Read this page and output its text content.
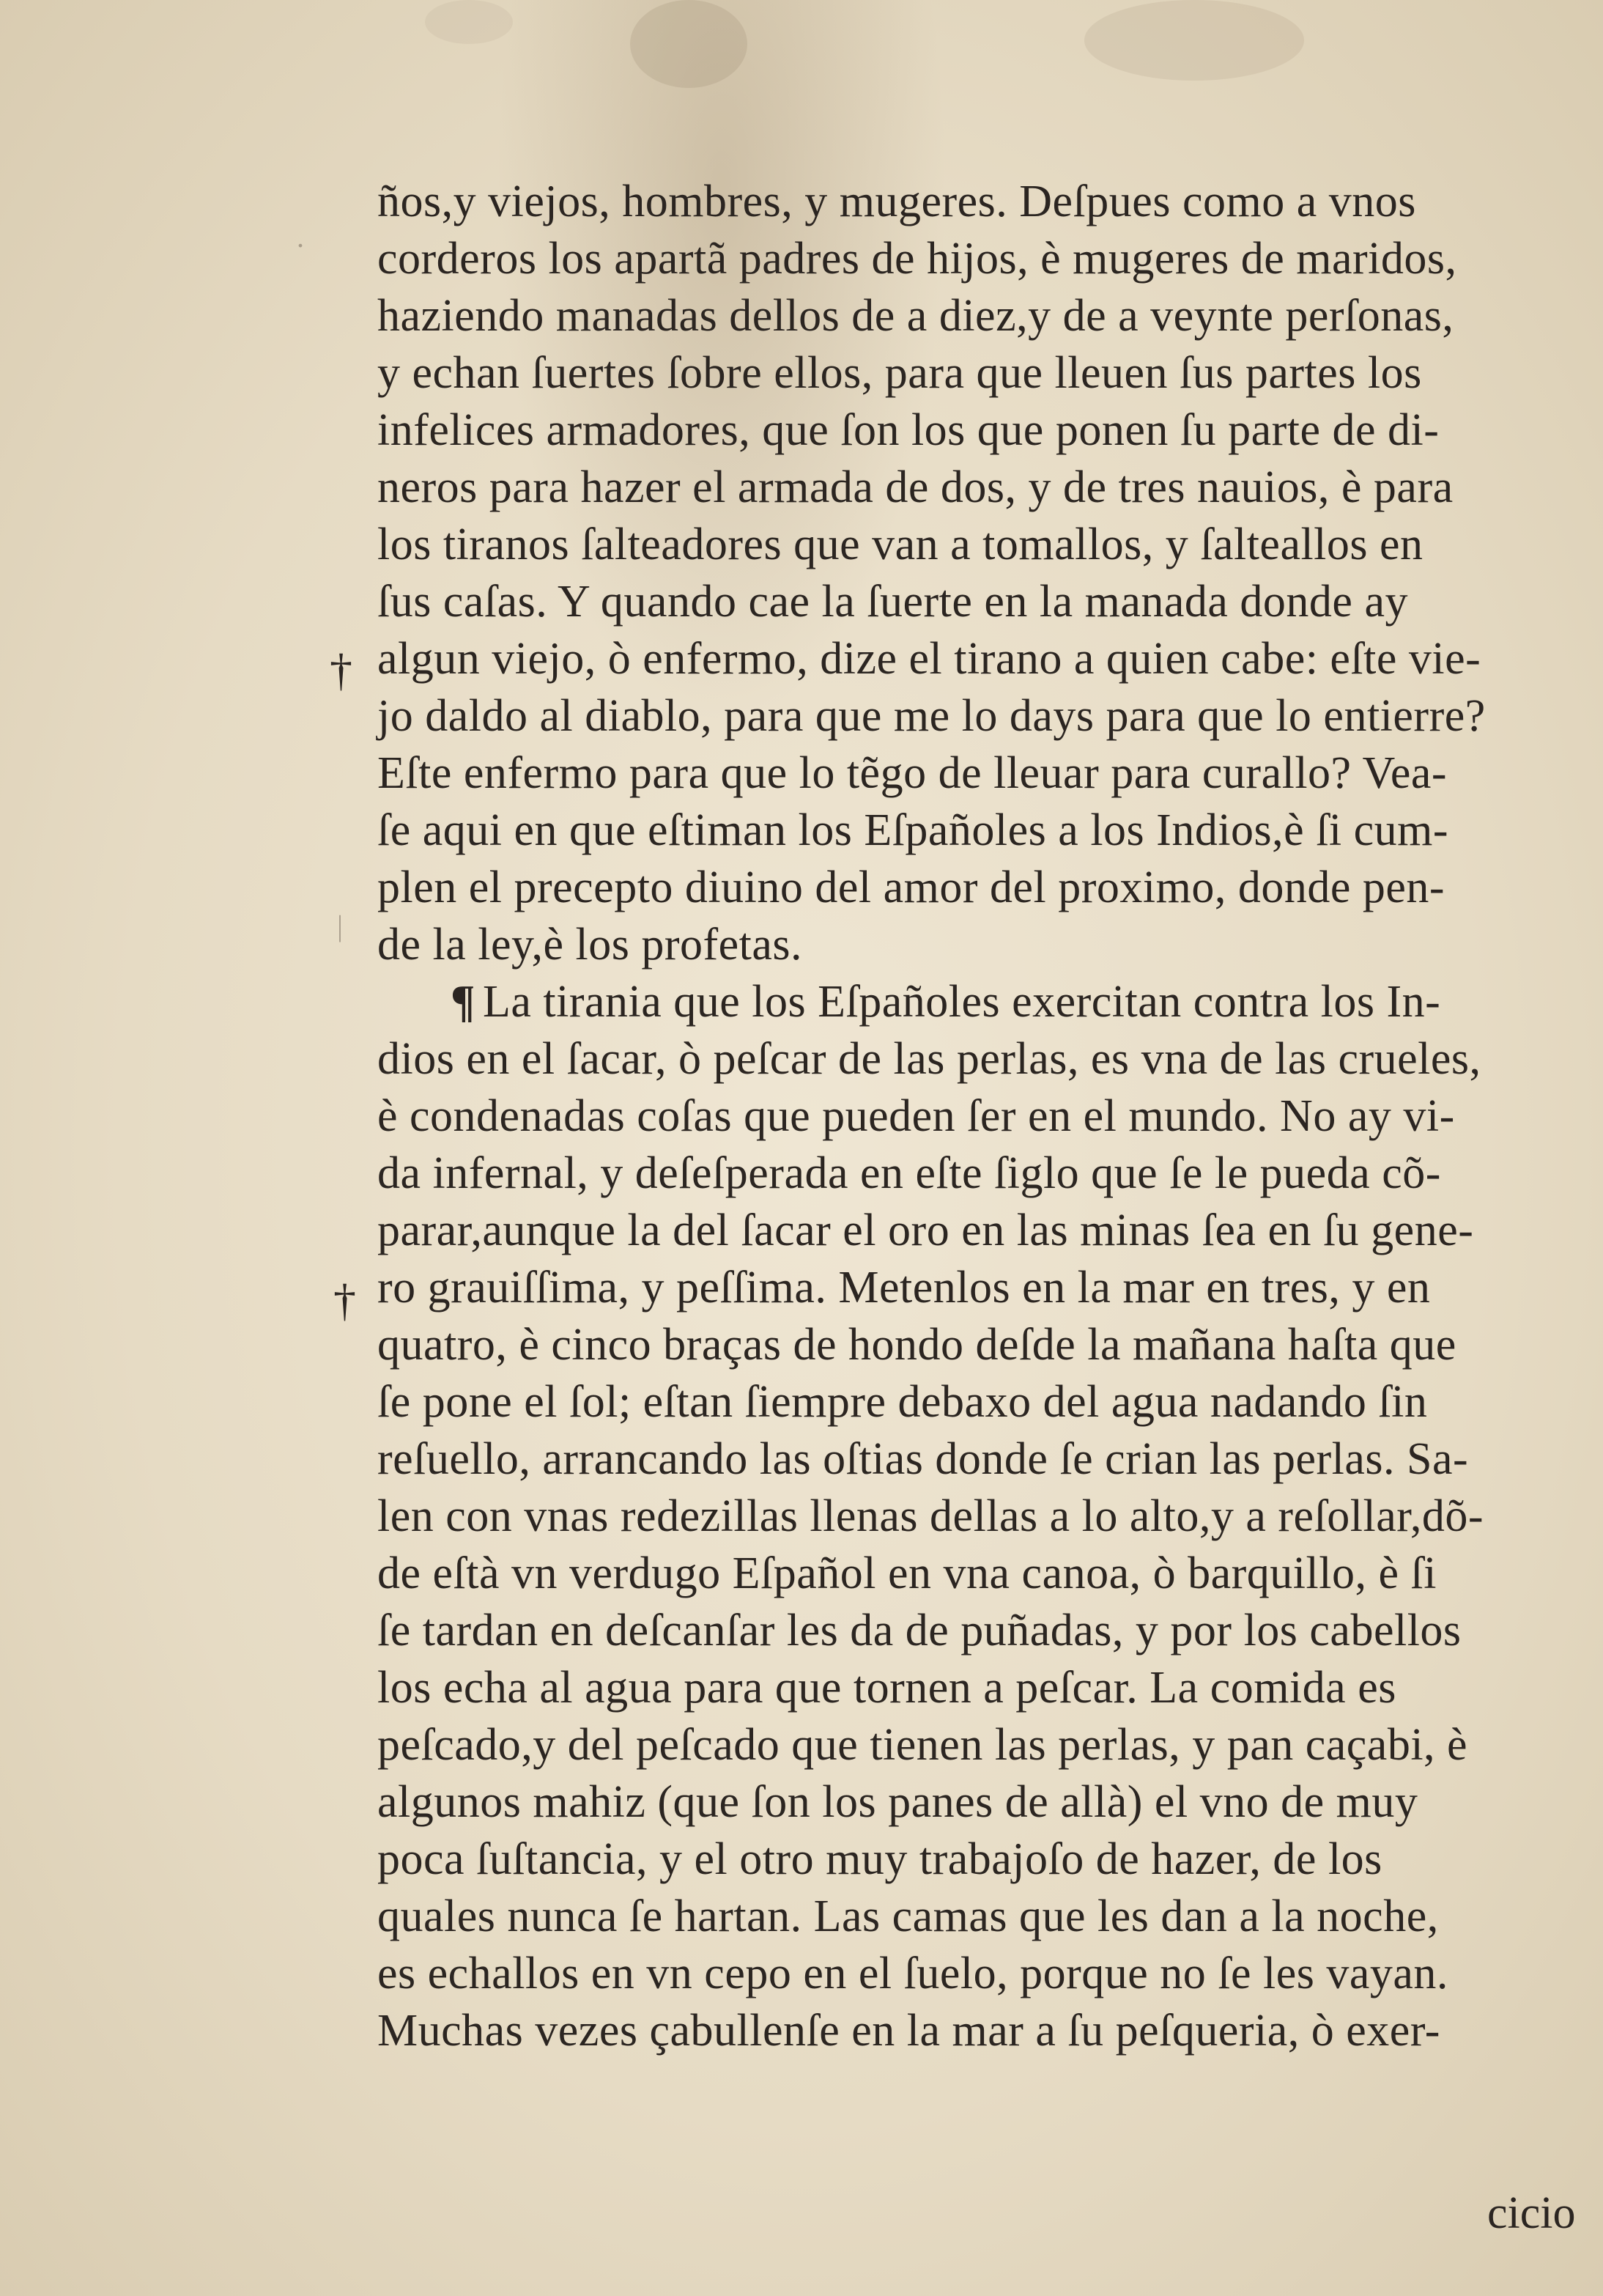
.
|
†
†
ños,y viejos, hombres, y mugeres. Deſpues como a vnos
corderos los apartã padres de hijos, è mugeres de maridos,
haziendo manadas dellos de a diez,y de a veynte perſonas,
y echan ſuertes ſobre ellos, para que lleuen ſus partes los
infelices armadores, que ſon los que ponen ſu parte de di-
neros para hazer el armada de dos, y de tres nauios, è para
los tiranos ſalteadores que van a tomallos, y ſalteallos en
ſus caſas. Y quando cae la ſuerte en la manada donde ay
algun viejo, ò enfermo, dize el tirano a quien cabe: eſte vie-
jo daldo al diablo, para que me lo days para que lo entierre?
Eſte enfermo para que lo tẽgo de lleuar para curallo? Vea-
ſe aqui en que eſtiman los Eſpañoles a los Indios,è ſi cum-
plen el precepto diuino del amor del proximo, donde pen-
de la ley,è los profetas.
¶ La tirania que los Eſpañoles exercitan contra los In-
dios en el ſacar, ò peſcar de las perlas, es vna de las crueles,
è condenadas coſas que pueden ſer en el mundo. No ay vi-
da infernal, y deſeſperada en eſte ſiglo que ſe le pueda cõ-
parar,aunque la del ſacar el oro en las minas ſea en ſu gene-
ro grauiſſima, y peſſima. Metenlos en la mar en tres, y en
quatro, è cinco braças de hondo deſde la mañana haſta que
ſe pone el ſol; eſtan ſiempre debaxo del agua nadando ſin
reſuello, arrancando las oſtias donde ſe crian las perlas. Sa-
len con vnas redezillas llenas dellas a lo alto,y a reſollar,dõ-
de eſtà vn verdugo Eſpañol en vna canoa, ò barquillo, è ſi
ſe tardan en deſcanſar les da de puñadas, y por los cabellos
los echa al agua para que tornen a peſcar. La comida es
peſcado,y del peſcado que tienen las perlas, y pan caçabi, è
algunos mahiz (que ſon los panes de allà) el vno de muy
poca ſuſtancia, y el otro muy trabajoſo de hazer, de los
quales nunca ſe hartan. Las camas que les dan a la noche,
es echallos en vn cepo en el ſuelo, porque no ſe les vayan.
Muchas vezes çabullenſe en la mar a ſu peſqueria, ò exer-
cicio
